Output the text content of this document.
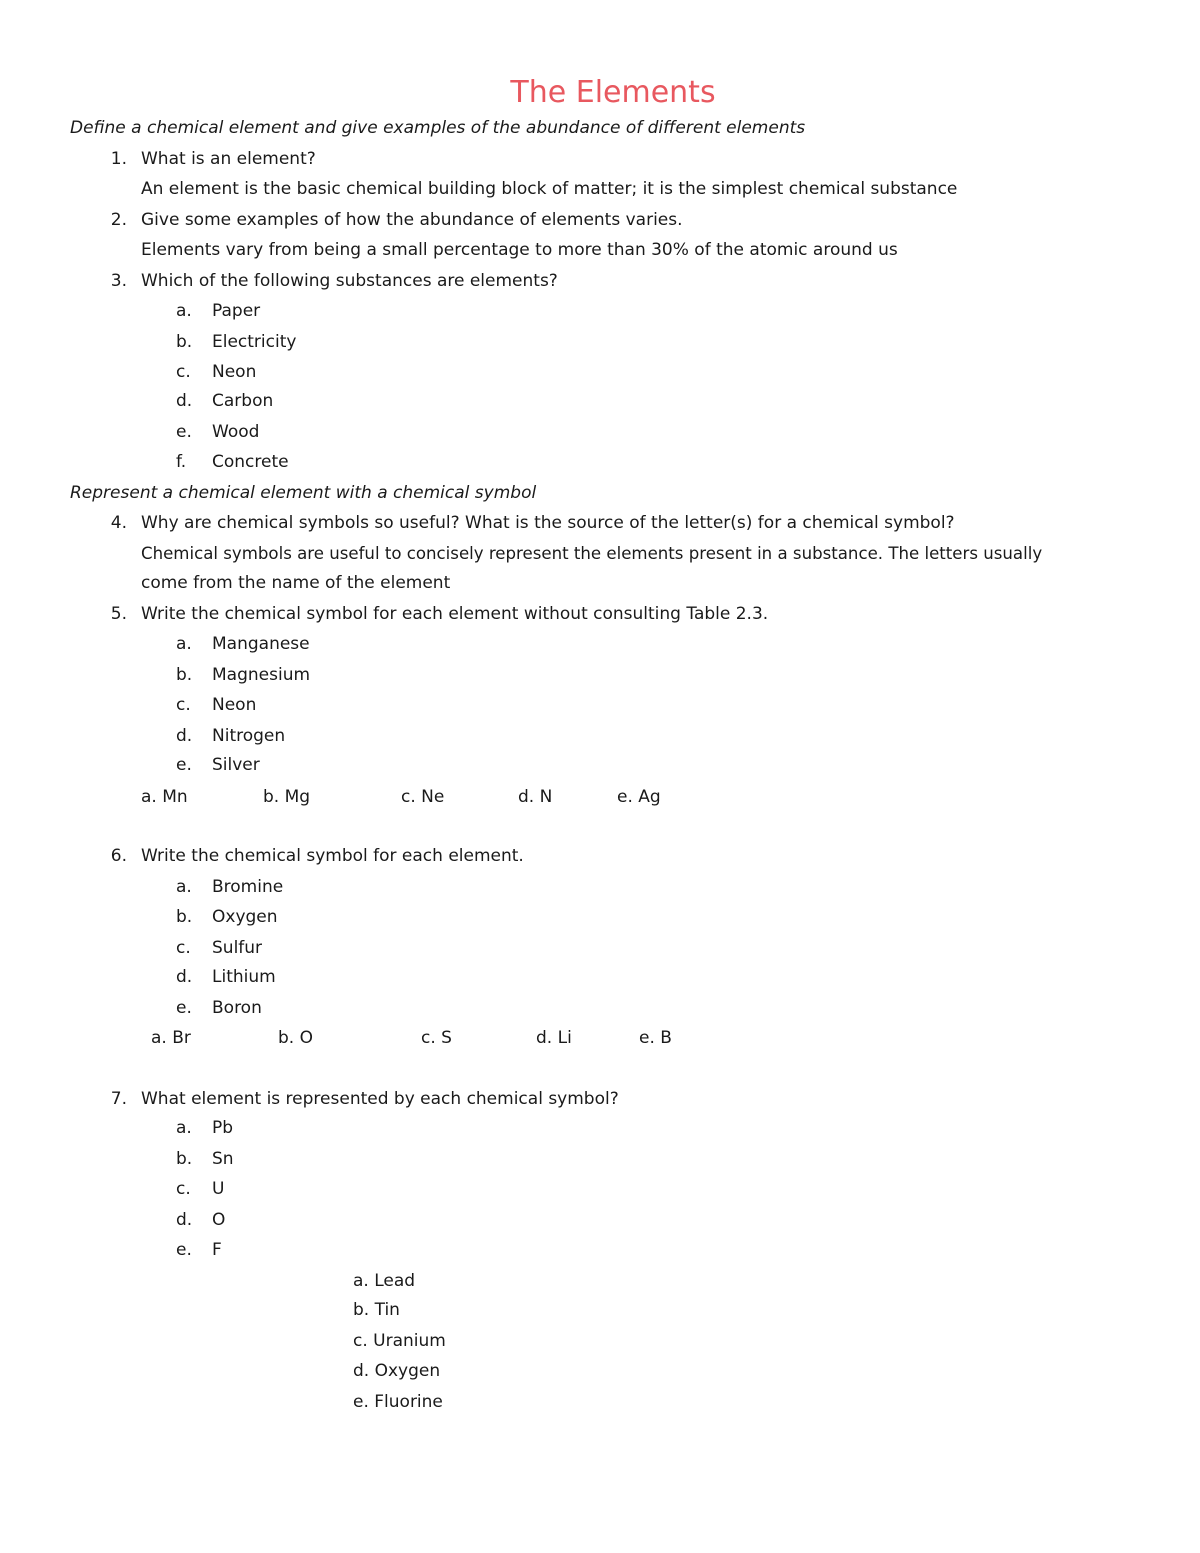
The Elements
Define a chemical element and give examples of the abundance of different elements
1. What is an element?
An element is the basic chemical building block of matter; it is the simplest chemical substance
2. Give some examples of how the abundance of elements varies.
Elements vary from being a small percentage to more than 30% of the atomic around us
3. Which of the following substances are elements?
a. Paper
b. Electricity
c.	Neon
d. Carbon
e. Wood
f.	Concrete
Represent a chemical element with a chemical symbol
4. Why are chemical symbols so useful? What is the source of the letter(s) for a chemical symbol?
Chemical symbols are useful to concisely represent the elements present in a substance. The letters usually
come from the name of the element
5. Write the chemical symbol for each element without consulting Table 2.3.
a. Manganese
b. Magnesium
c.	Neon
d. Nitrogen
e. Silver
a. Mn	b. Mg	c. Ne	d. N	e. Ag
6. Write the chemical symbol for each element.
a. Bromine
b. Oxygen
c.	Sulfur
d. Lithium
e. Boron
a. Br	b. O	c. S	d. Li	e. B
7. What element is represented by each chemical symbol?
a. Pb
b. Sn
c.	U
d. O
e. F
a. Lead
b. Tin
c. Uranium
d. Oxygen
e. Fluorine
